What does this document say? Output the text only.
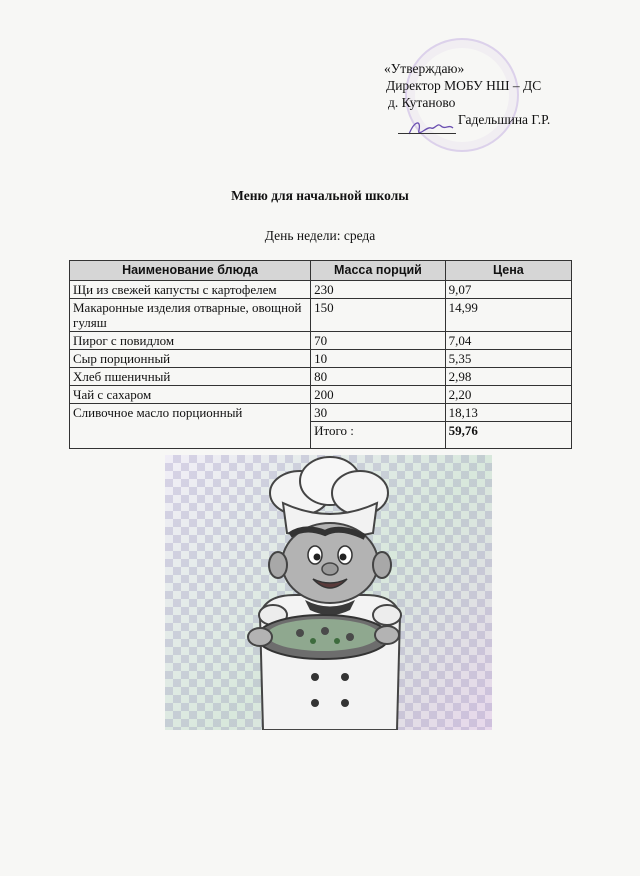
«Утверждаю»
Директор МОБУ НШ – ДС
д. Кутаново
Гадельшина Г.Р.
Меню для начальной школы
День недели: среда
Наименование блюда	Масса порций	Цена
Щи из свежей капусты с картофелем	230	9,07
Макаронные изделия отварные, овощной гуляш	150	14,99
Пирог с повидлом	70	7,04
Сыр порционный	10	5,35
Хлеб пшеничный	80	2,98
Чай с сахаром	200	2,20
Сливочное масло порционный	30	18,13
	Итого :	59,76
